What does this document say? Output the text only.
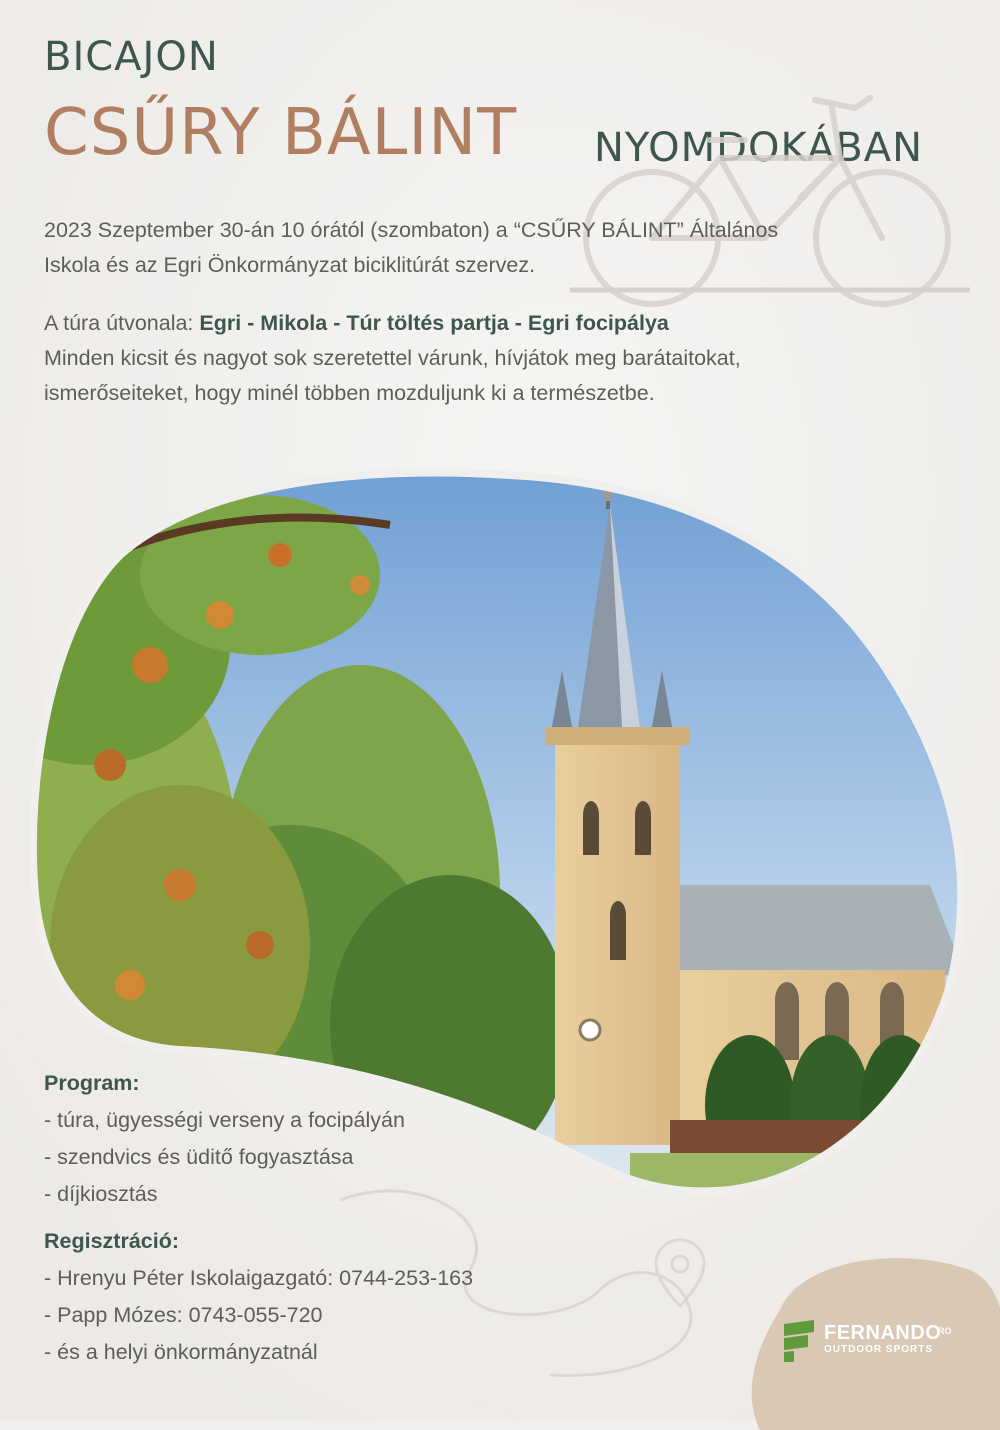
BICAJON
CSŰRY BÁLINT NYOMDOKÁBAN
2023 Szeptember 30-án 10 órától (szombaton) a “CSŰRY BÁLINT” Általános
Iskola és az Egri Önkormányzat biciklitúrát szervez.
A túra útvonala: Egri - Mikola - Túr töltés partja - Egri focipálya
Minden kicsit és nagyot sok szeretettel várunk, hívjátok meg barátaitokat,
ismerőseiteket, hogy minél többen mozduljunk ki a természetbe.
Program:
- túra, ügyességi verseny a focipályán
- szendvics és üditő fogyasztása
- díjkiosztás
Regisztráció:
- Hrenyu Péter Iskolaigazgató: 0744-253-163
- Papp Mózes: 0743-055-720
- és a helyi önkormányzatnál
FERNANDO
RO
OUTDOOR SPORTS
